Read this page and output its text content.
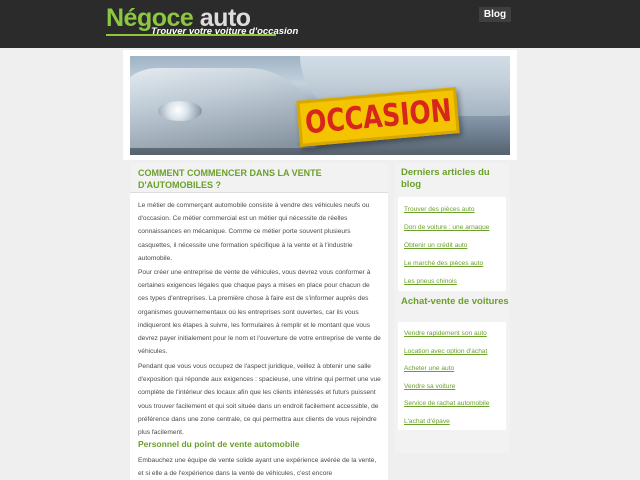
Négoce auto
Trouver votre voiture d'occasion
Blog
OCCASION
COMMENT COMMENCER DANS LA VENTE D'AUTOMOBILES ?
Le métier de commerçant automobile consiste à vendre des véhicules neufs ou d'occasion. Ce métier commercial est un métier qui nécessite de réelles connaissances en mécanique. Comme ce métier porte souvent plusieurs casquettes, il nécessite une formation spécifique à la vente et à l'industrie automobile.
Pour créer une entreprise de vente de véhicules, vous devrez vous conformer à certaines exigences légales que chaque pays a mises en place pour chacun de ces types d'entreprises. La première chose à faire est de s'informer auprès des organismes gouvernementaux où les entreprises sont ouvertes, car ils vous indiqueront les étapes à suivre, les formulaires à remplir et le montant que vous devrez payer initialement pour le nom et l'ouverture de votre entreprise de vente de véhicules.
Pendant que vous vous occupez de l'aspect juridique, veillez à obtenir une salle d'exposition qui réponde aux exigences : spacieuse, une vitrine qui permet une vue complète de l'intérieur des locaux afin que les clients intéressés et futurs puissent vous trouver facilement et qui soit située dans un endroit facilement accessible, de préférence dans une zone centrale, ce qui permettra aux clients de vous rejoindre plus facilement.
Personnel du point de vente automobile
Embauchez une équipe de vente solide ayant une expérience avérée de la vente, et si elle a de l'expérience dans la vente de véhicules, c'est encore
Derniers articles du blog
Trouver des pièces auto
Don de voiture : une arnaque
Obtenir un crédit auto
Le marché des pièces auto
Les pneus chinois
Achat-vente de voitures
Vendre rapidement son auto
Location avec option d'achat
Acheter une auto
Vendre sa voiture
Service de rachat automobile
L'achat d'épave
